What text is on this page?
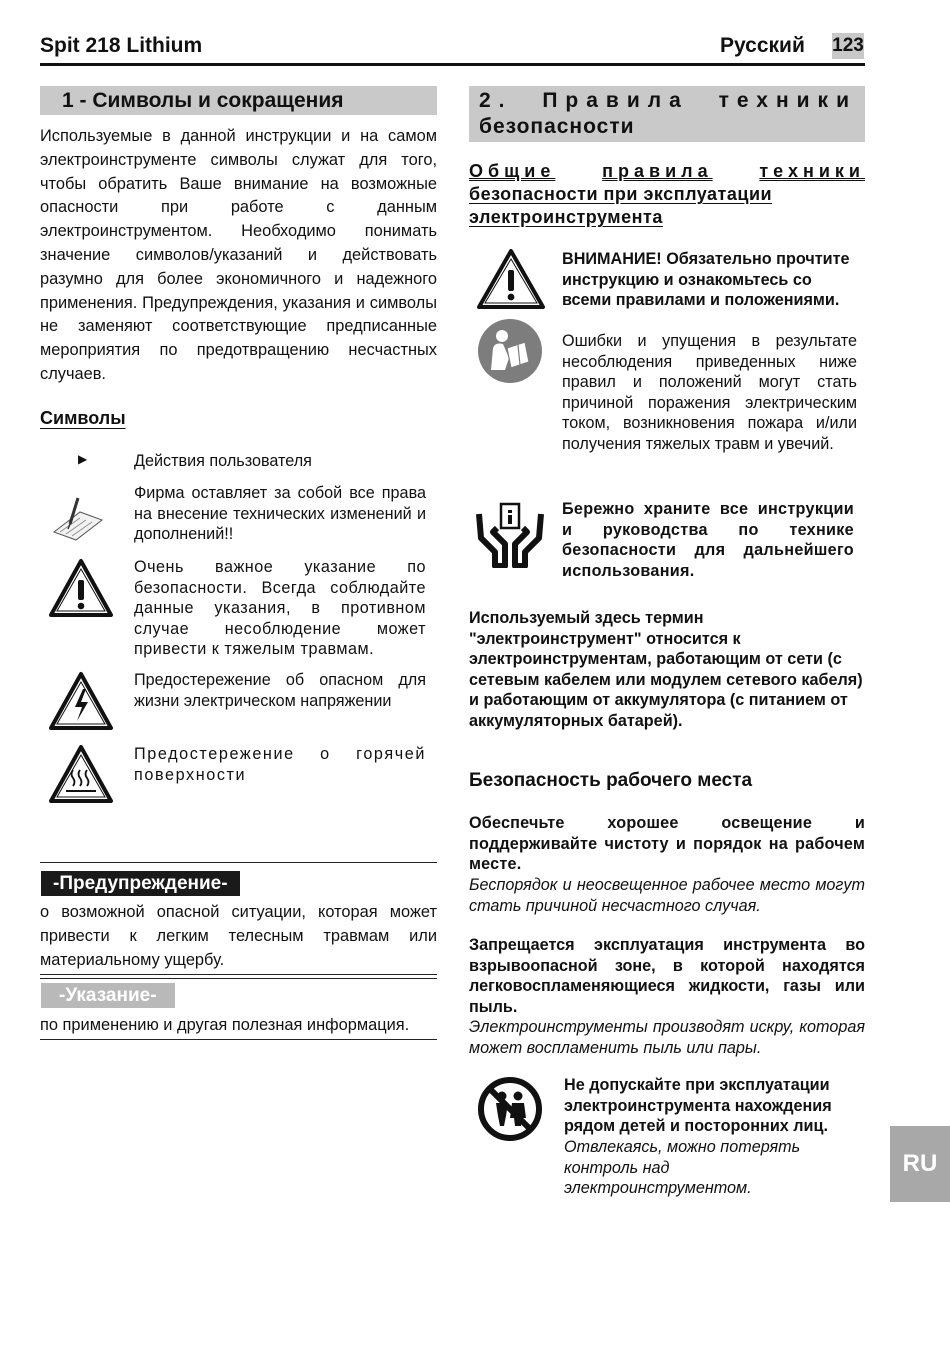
Spit 218 Lithium	Русский 123
1 - Символы и сокращения
Используемые в данной инструкции и на самом электроинструменте символы служат для того, чтобы обратить Ваше внимание на возможные опасности при работе с данным электроинструментом. Необходимо понимать значение символов/указаний и действовать разумно для более экономичного и надежного применения. Предупреждения, указания и символы не заменяют соответствующие предписанные мероприятия по предотвращению несчастных случаев.
Символы
▶	Действия пользователя
Фирма оставляет за собой все права на внесение технических изменений и дополнений!!
Очень важное указание по безопасности. Всегда соблюдайте данные указания, в противном случае несоблюдение может привести к тяжелым травмам.
Предостережение об опасном для жизни электрическом напряжении
Предостережение о горячей поверхности
-Предупреждение-
о возможной опасной ситуации, которая может привести к легким телесным травмам или материальному ущербу.
-Указание-
по применению и другая полезная информация.
2. Правила техники
безопасности
Общие	правила	техники
безопасности при эксплуатации
электроинструмента
ВНИМАНИЕ! Обязательно прочтите инструкцию и ознакомьтесь со всеми правилами и положениями.
Ошибки и упущения в результате несоблюдения приведенных ниже правил и положений могут стать причиной поражения электрическим током, возникновения пожара и/или получения тяжелых травм и увечий.
Бережно храните все инструкции и руководства по технике безопасности для дальнейшего использования.
Используемый здесь термин "электроинструмент" относится к электроинструментам, работающим от сети (с сетевым кабелем или модулем сетевого кабеля) и работающим от аккумулятора (с питанием от аккумуляторных батарей).
Безопасность рабочего места
Обеспечьте хорошее освещение и поддерживайте чистоту и порядок на рабочем месте.
Беспорядок и неосвещенное рабочее место могут стать причиной несчастного случая.
Запрещается эксплуатация инструмента во взрывоопасной зоне, в которой находятся легковоспламеняющиеся жидкости, газы или пыль.
Электроинструменты производят искру, которая может воспламенить пыль или пары.
Не допускайте при эксплуатации электроинструмента нахождения рядом детей и посторонних лиц.
Отвлекаясь, можно потерять контроль над электроинструментом.
RU
